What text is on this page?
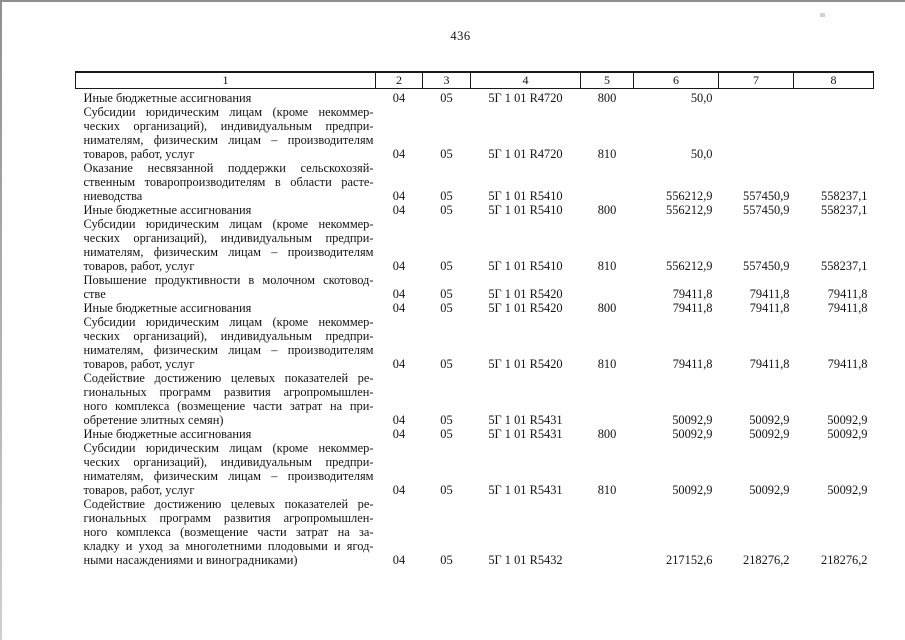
436
1	2	3	4	5	6	7	8

Иные бюджетные ассигнования	04	05	5Г 1 01 R4720	800	50,0		

Субсидии юридическим лицам (кроме некоммер-
ческих организаций), индивидуальным предпри-
нимателям, физическим лицам – производителям
товаров, работ, услуг	04	05	5Г 1 01 R4720	810	50,0		

Оказание несвязанной поддержки сельскохозяй-
ственным товаропроизводителям в области расте-
ниеводства	04	05	5Г 1 01 R5410		556212,9	557450,9	558237,1

Иные бюджетные ассигнования	04	05	5Г 1 01 R5410	800	556212,9	557450,9	558237,1

Субсидии юридическим лицам (кроме некоммер-
ческих организаций), индивидуальным предпри-
нимателям, физическим лицам – производителям
товаров, работ, услуг	04	05	5Г 1 01 R5410	810	556212,9	557450,9	558237,1

Повышение продуктивности в молочном скотовод-
стве	04	05	5Г 1 01 R5420		79411,8	79411,8	79411,8

Иные бюджетные ассигнования	04	05	5Г 1 01 R5420	800	79411,8	79411,8	79411,8

Субсидии юридическим лицам (кроме некоммер-
ческих организаций), индивидуальным предпри-
нимателям, физическим лицам – производителям
товаров, работ, услуг	04	05	5Г 1 01 R5420	810	79411,8	79411,8	79411,8

Содействие достижению целевых показателей ре-
гиональных программ развития агропромышлен-
ного комплекса (возмещение части затрат на при-
обретение элитных семян)	04	05	5Г 1 01 R5431		50092,9	50092,9	50092,9

Иные бюджетные ассигнования	04	05	5Г 1 01 R5431	800	50092,9	50092,9	50092,9

Субсидии юридическим лицам (кроме некоммер-
ческих организаций), индивидуальным предпри-
нимателям, физическим лицам – производителям
товаров, работ, услуг	04	05	5Г 1 01 R5431	810	50092,9	50092,9	50092,9

Содействие достижению целевых показателей ре-
гиональных программ развития агропромышлен-
ного комплекса (возмещение части затрат на за-
кладку и уход за многолетними плодовыми и ягод-
ными насаждениями и виноградниками)	04	05	5Г 1 01 R5432		217152,6	218276,2	218276,2
